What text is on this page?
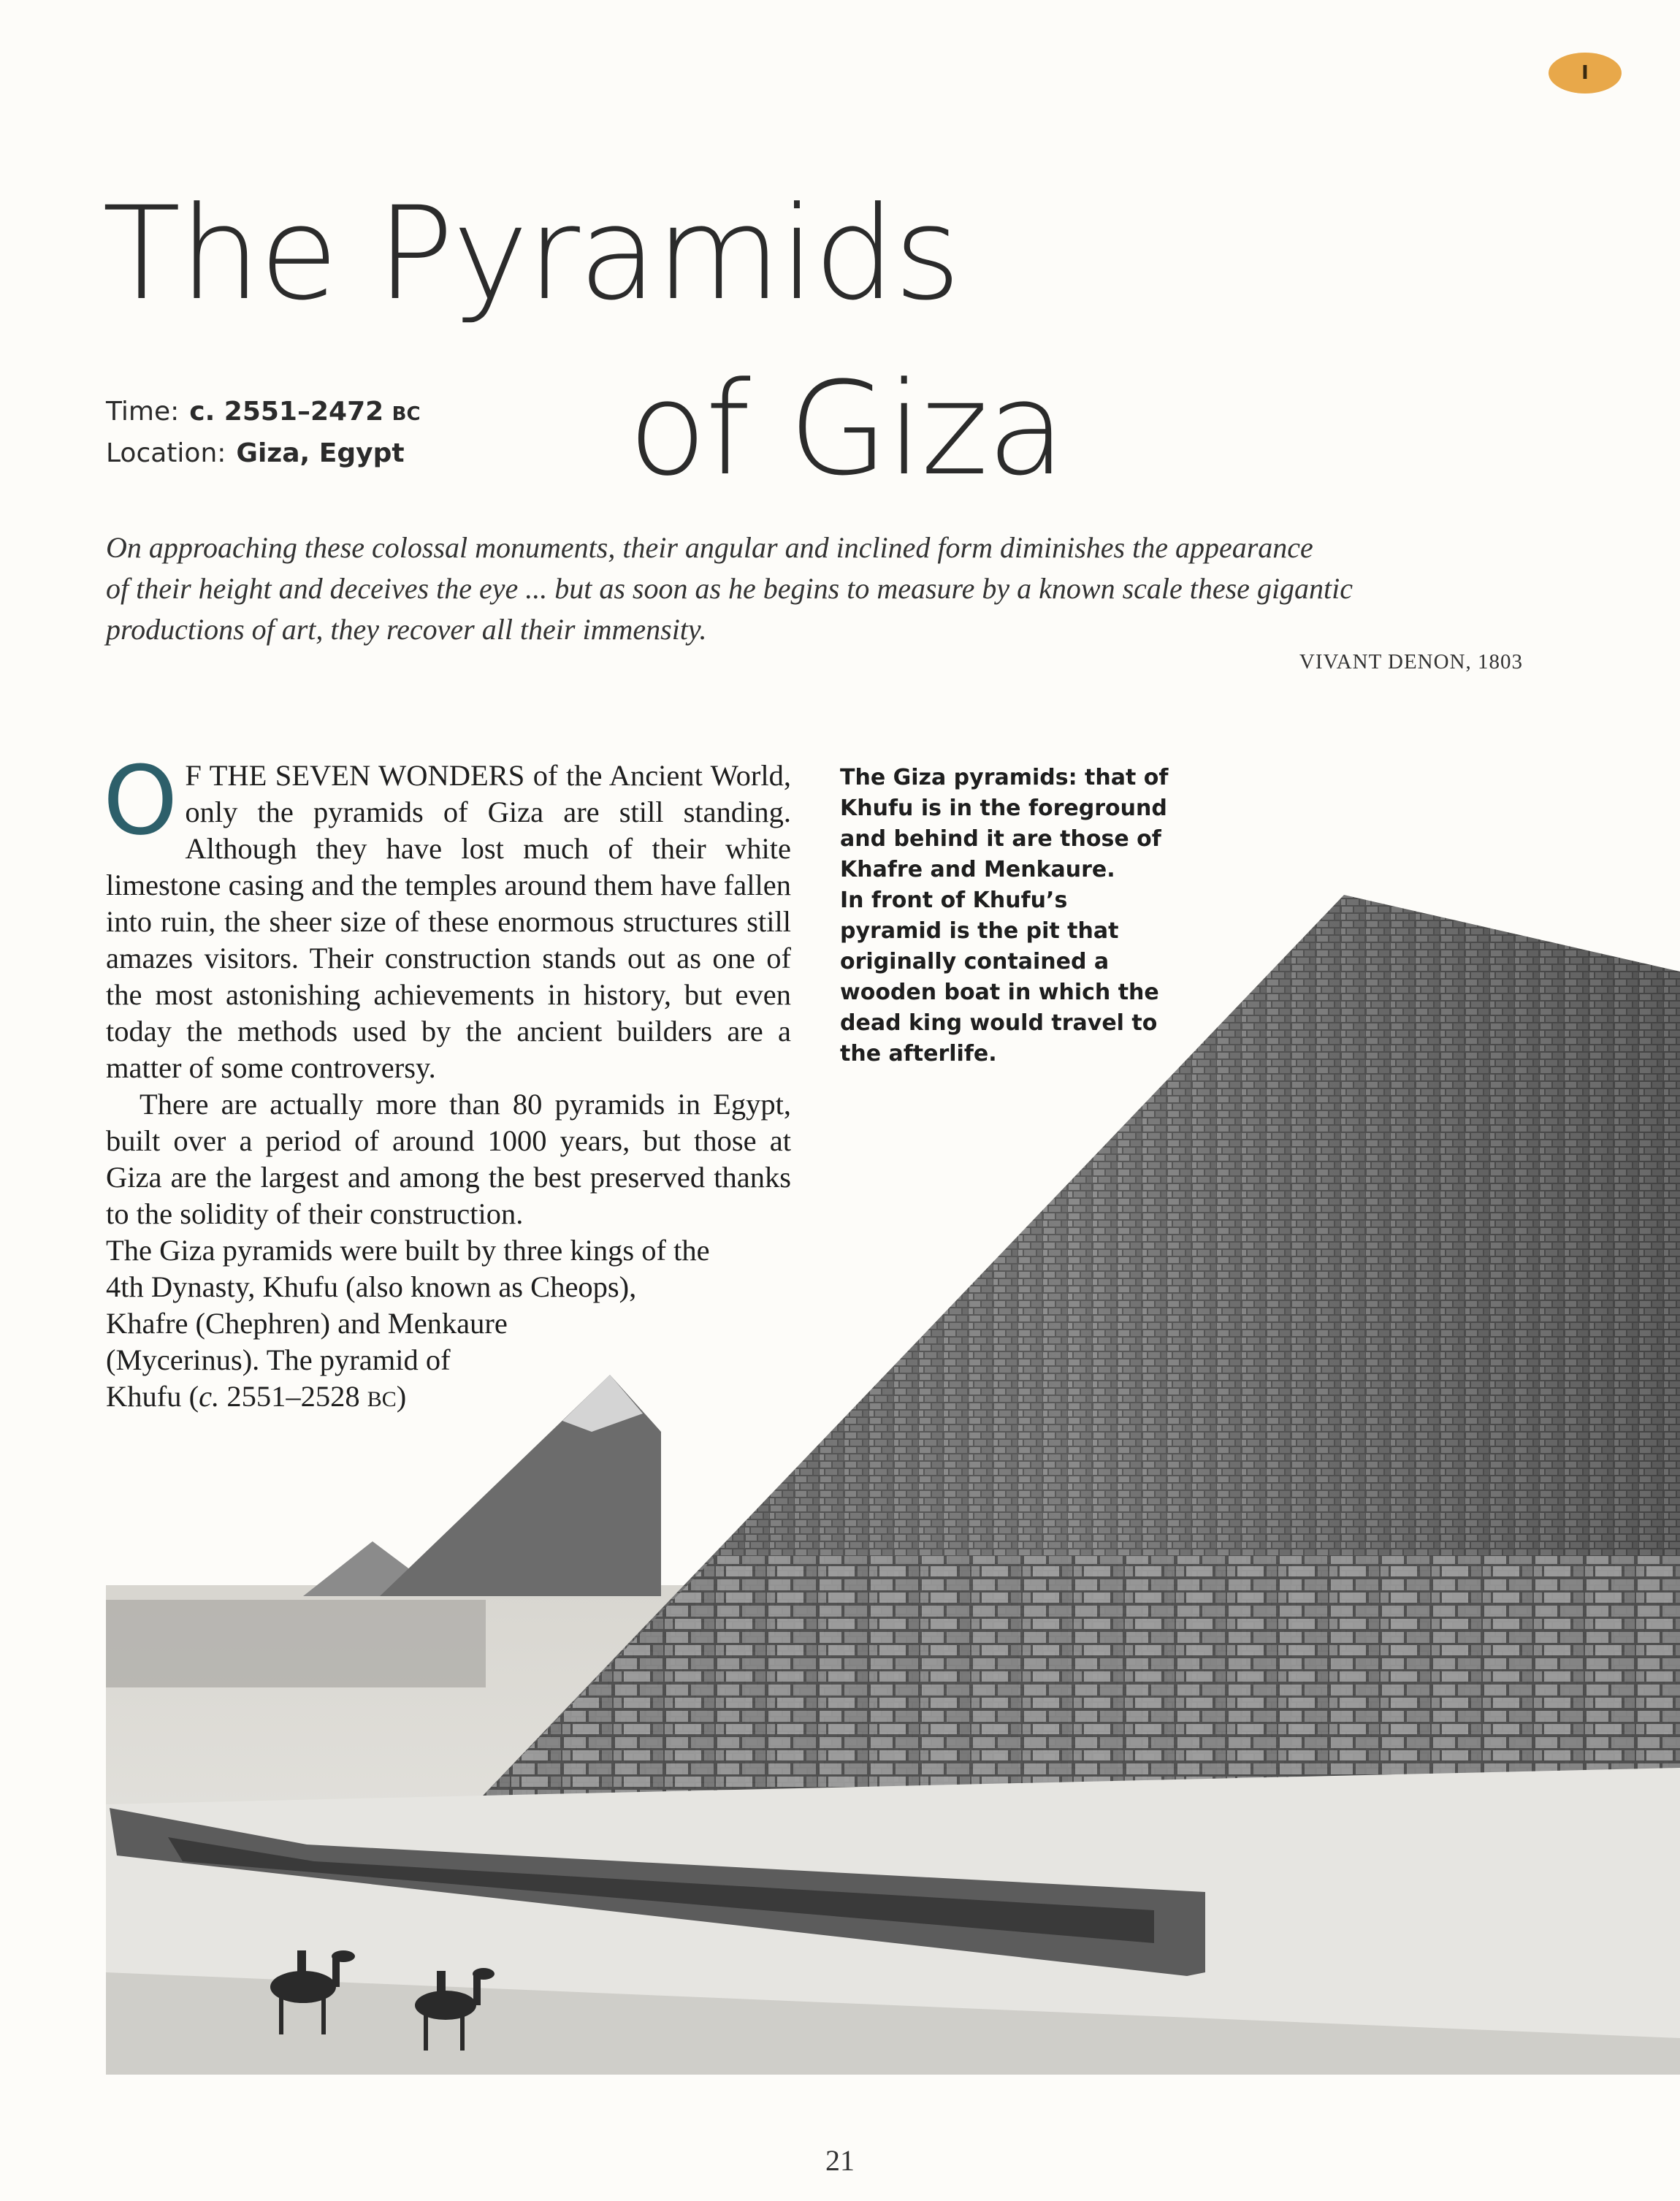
I
The Pyramids
of Giza
Time: c. 2551–2472 BC
Location: Giza, Egypt

On approaching these colossal monuments, their angular and inclined form diminishes the appearance
of their height and deceives the eye ... but as soon as he begins to measure by a known scale these gigantic
productions of art, they recover all their immensity.

VIVANT DENON, 1803

O F THE SEVEN WONDERS of the Ancient World, only the pyramids of Giza are still standing. Although they have lost much of their white limestone casing and the temples around them have fallen into ruin, the sheer size of these enormous structures still amazes visitors. Their construction stands out as one of the most astonishing achievements in history, but even today the methods used by the ancient builders are a matter of some controversy.

There are actually more than 80 pyramids in Egypt, built over a period of around 1000 years, but those at Giza are the largest and among the best preserved thanks to the solidity of their construction.

The Giza pyramids were built by three kings of the
4th Dynasty, Khufu (also known as Cheops),
Khafre (Chephren) and Menkaure
(Mycerinus). The pyramid of
Khufu (c. 2551–2528 BC)

The Giza pyramids: that of Khufu is in the foreground and behind it are those of Khafre and Menkaure.
In front of Khufu’s pyramid is the pit that originally contained a wooden boat in which the dead king would travel to the afterlife.

21
